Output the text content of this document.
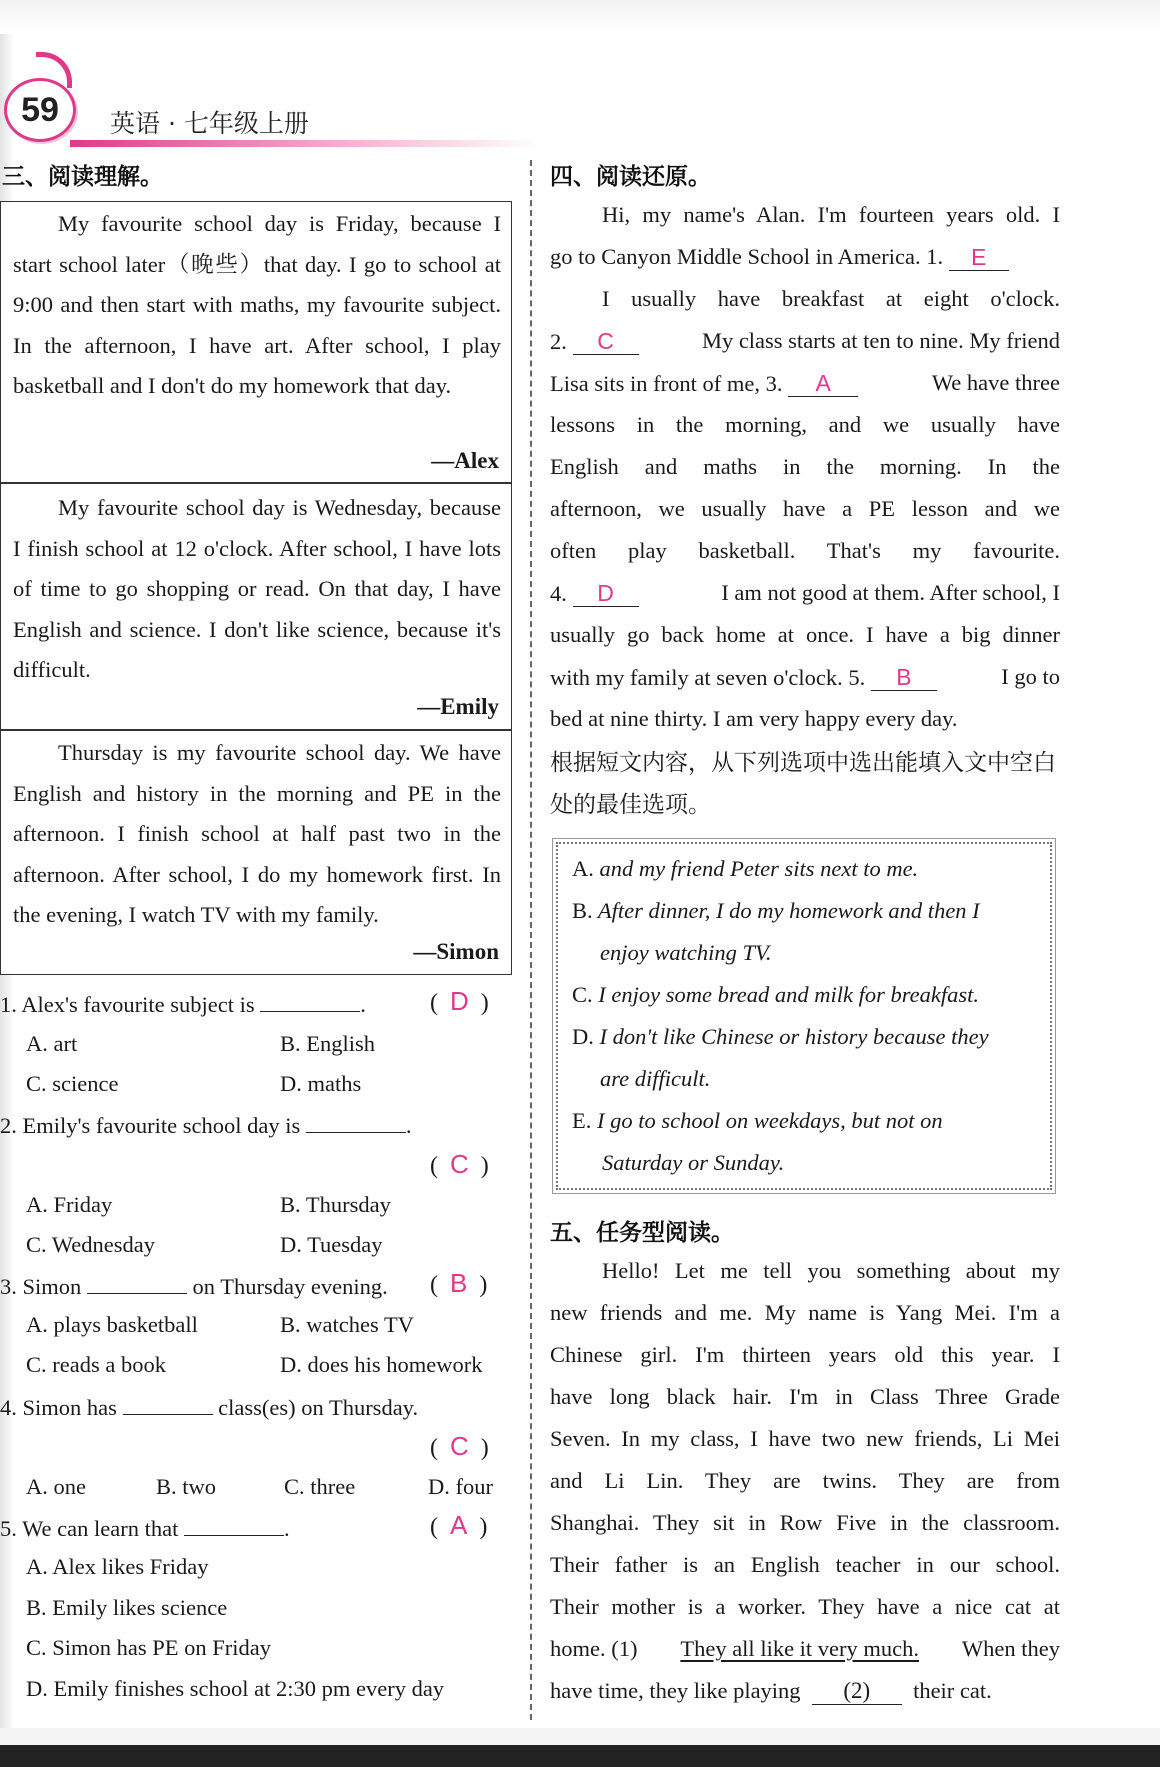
59	英语 · 七年级上册
三、阅读理解。
My favourite school day is Friday, because I start school later（晚些）that day. I go to school at 9:00 and then start with maths, my favourite subject. In the afternoon, I have art. After school, I play basketball and I don't do my homework that day.
—Alex
My favourite school day is Wednesday, because I finish school at 12 o'clock. After school, I have lots of time to go shopping or read. On that day, I have English and science. I don't like science, because it's difficult.
—Emily
Thursday is my favourite school day. We have English and history in the morning and PE in the afternoon. I finish school at half past two in the afternoon. After school, I do my homework first. In the evening, I watch TV with my family.
—Simon
1. Alex's favourite subject is	.	(  D  )
A. art	B. English
C. science	D. maths
2. Emily's favourite school day is	.
(  C  )
A. Friday	B. Thursday
C. Wednesday	D. Tuesday
3. Simon	on Thursday evening. (  B  )
A. plays basketball	B. watches TV
C. reads a book	D. does his homework
4. Simon has	class(es) on Thursday.
(  C  )
A. one	B. two	C. three	D. four
5. We can learn that	.	(  A  )
A. Alex likes Friday
B. Emily likes science
C. Simon has PE on Friday
D. Emily finishes school at 2:30 pm every day
四、阅读还原。
Hi, my name's Alan. I'm fourteen years old. I
go to Canyon Middle School in America. 1.
	E
I usually have breakfast at eight o'clock.
2. C	My class starts at ten to nine. My friend
Lisa sits in front of me, 3. A	We have three
lessons in the morning, and we usually have
English and maths in the morning. In the
afternoon, we usually have a PE lesson and we
often play basketball. That's my favourite.
4. D	I am not good at them. After school, I
usually go back home at once. I have a big dinner
with my family at seven o'clock. 5. B	I go to
bed at nine thirty. I am very happy every day.
根据短文内容，从下列选项中选出能填入文中空白处的最佳选项。
A. and my friend Peter sits next to me.
B. After dinner, I do my homework and then I
enjoy watching TV.
C. I enjoy some bread and milk for breakfast.
D. I don't like Chinese or history because they
are difficult.
E. I go to school on weekdays, but not on
Saturday or Sunday.
五、任务型阅读。
Hello! Let me tell you something about my
new friends and me. My name is Yang Mei. I'm a
Chinese girl. I'm thirteen years old this year. I
have long black hair. I'm in Class Three Grade
Seven. In my class, I have two new friends, Li Mei
and Li Lin. They are twins. They are from
Shanghai. They sit in Row Five in the classroom.
Their father is an English teacher in our school.
Their mother is a worker. They have a nice cat at
home. (1) They all like it very much. When they
have time, they like playing
	(2)
	their cat.
